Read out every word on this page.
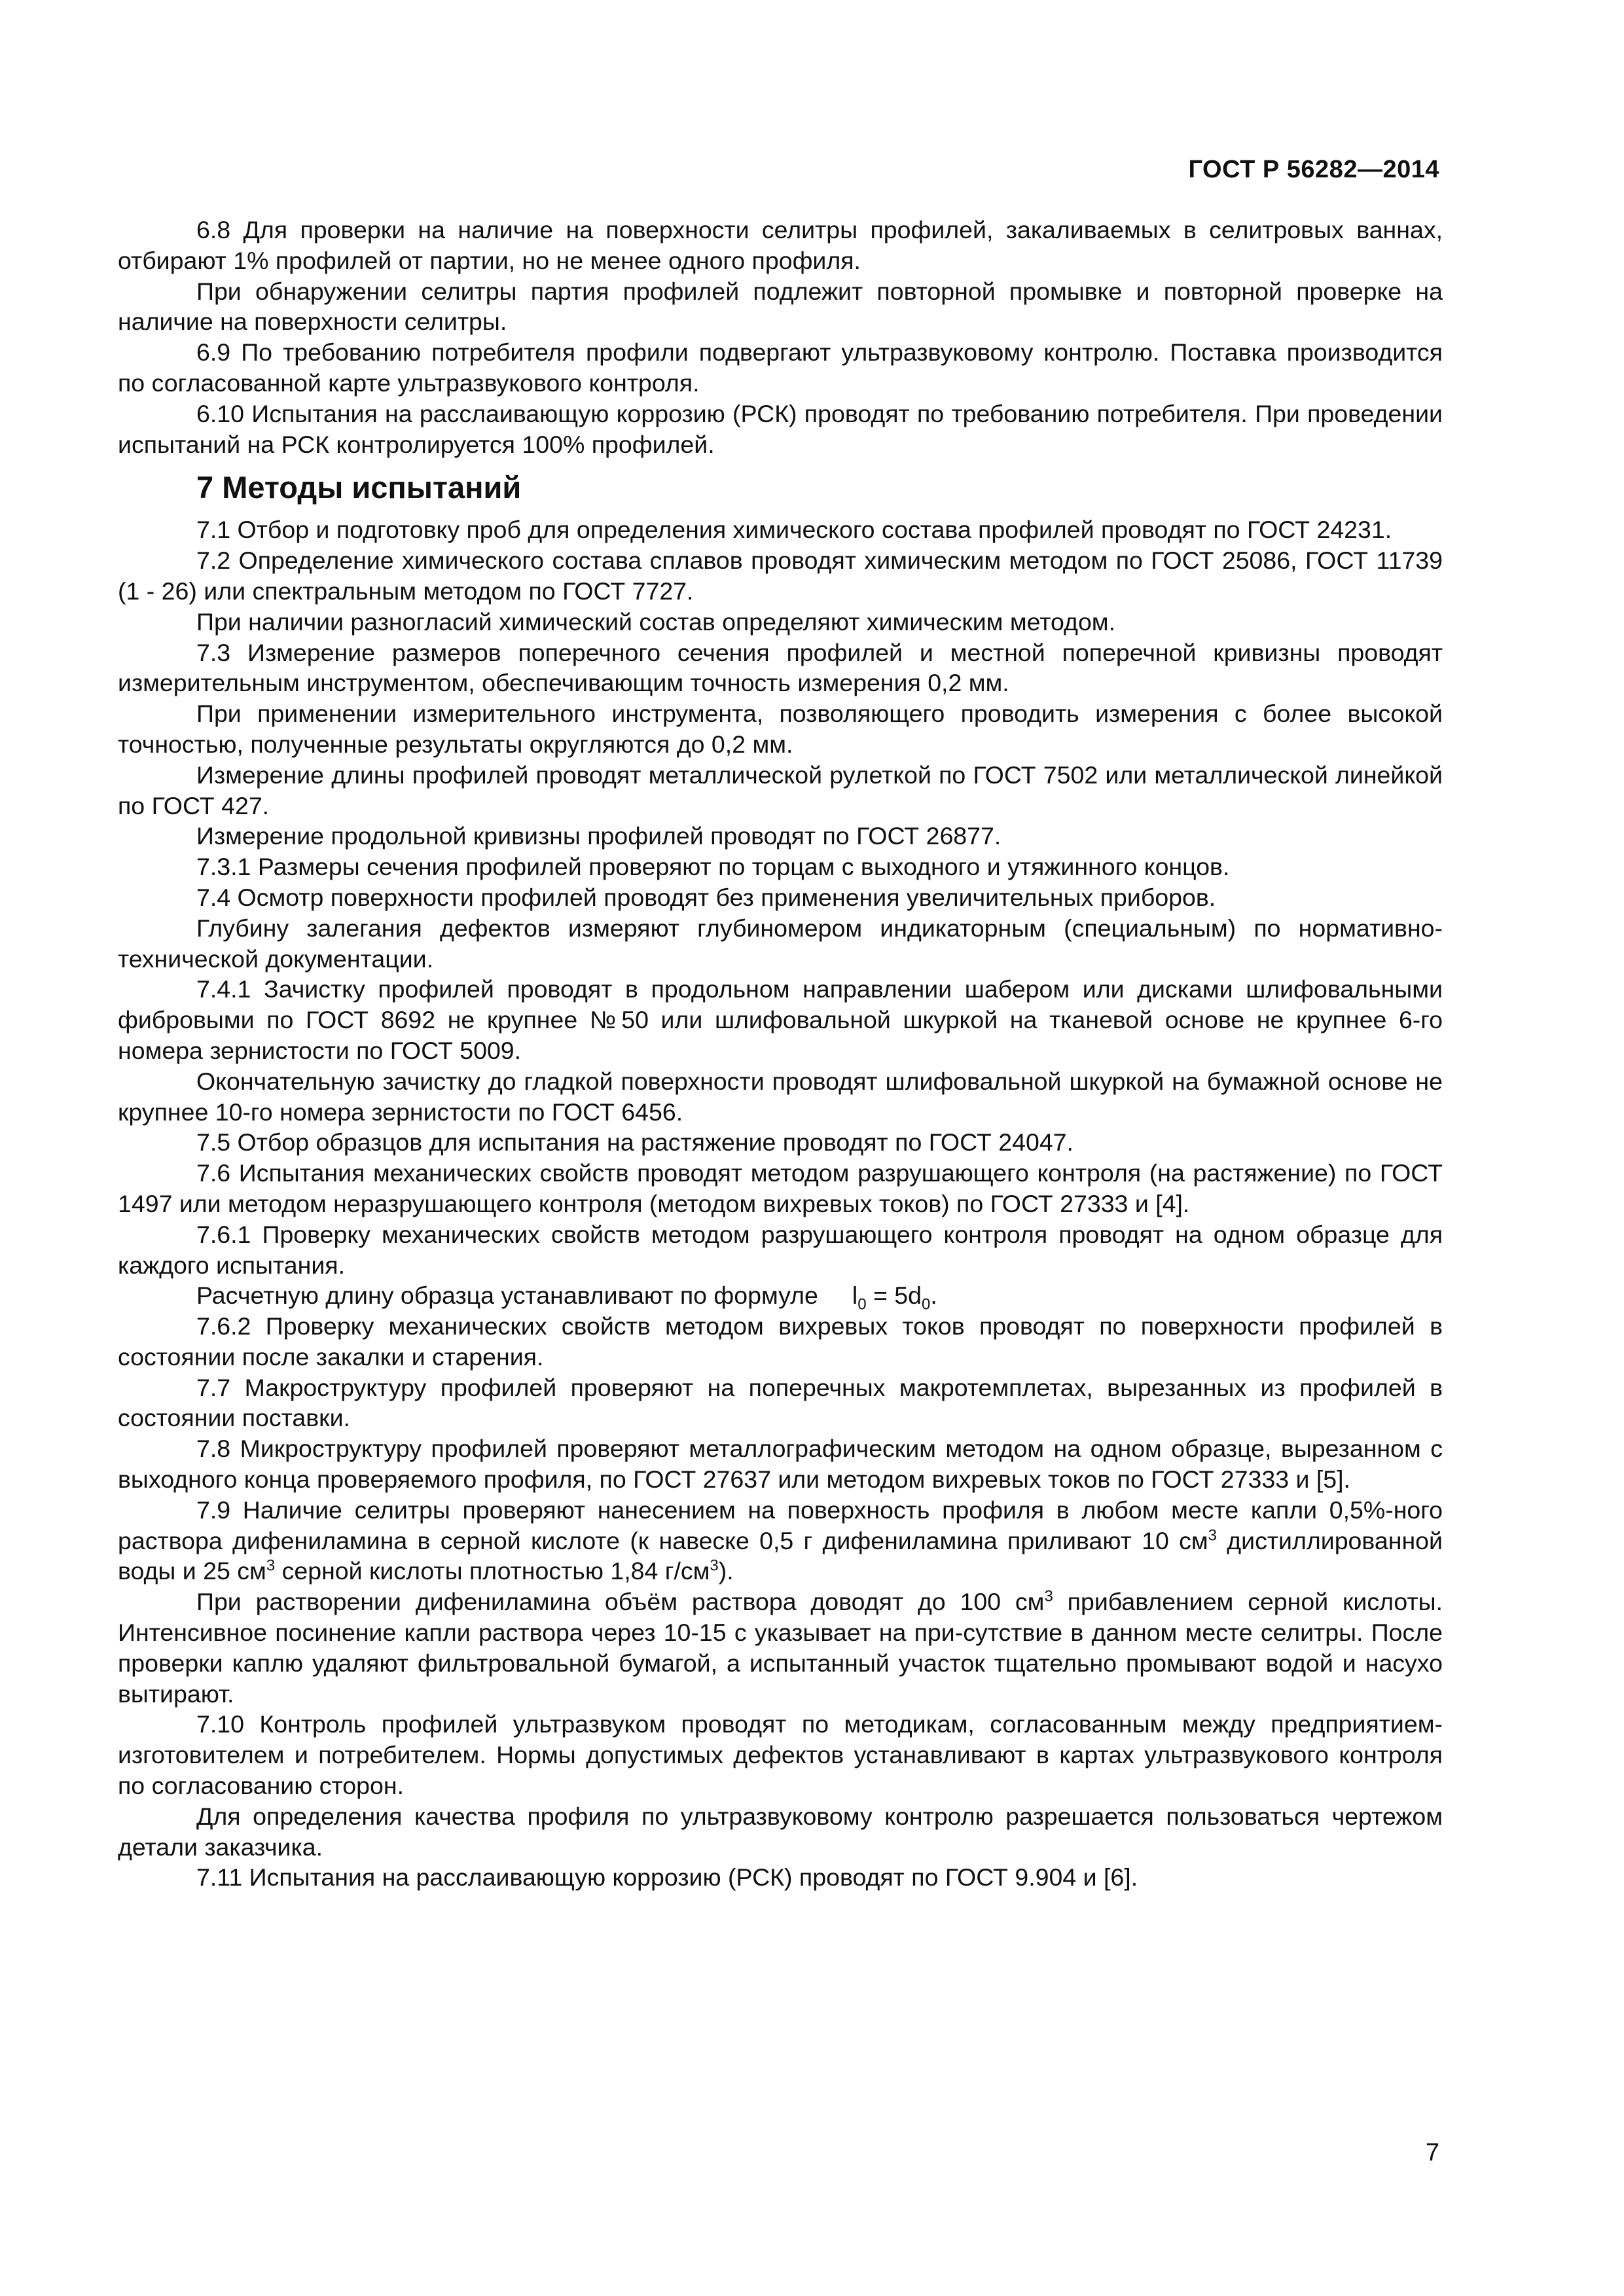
ГОСТ Р 56282—2014

6.8 Для проверки на наличие на поверхности селитры профилей, закаливаемых в селитровых ваннах, отбирают 1% профилей от партии, но не менее одного профиля.

При обнаружении селитры партия профилей подлежит повторной промывке и повторной проверке на наличие на поверхности селитры.

6.9 По требованию потребителя профили подвергают ультразвуковому контролю. Поставка производится по согласованной карте ультразвукового контроля.

6.10 Испытания на расслаивающую коррозию (РСК) проводят по требованию потребителя. При проведении испытаний на РСК контролируется 100% профилей.

7 Методы испытаний

7.1 Отбор и подготовку проб для определения химического состава профилей проводят по ГОСТ 24231.

7.2 Определение химического состава сплавов проводят химическим методом по ГОСТ 25086, ГОСТ 11739 (1 - 26) или спектральным методом по ГОСТ 7727.

При наличии разногласий химический состав определяют химическим методом.

7.3 Измерение размеров поперечного сечения профилей и местной поперечной кривизны проводят измерительным инструментом, обеспечивающим точность измерения 0,2 мм.

При применении измерительного инструмента, позволяющего проводить измерения с более высокой точностью, полученные результаты округляются до 0,2 мм.

Измерение длины профилей проводят металлической рулеткой по ГОСТ 7502 или металлической линейкой по ГОСТ 427.

Измерение продольной кривизны профилей проводят по ГОСТ 26877.

7.3.1 Размеры сечения профилей проверяют по торцам с выходного и утяжинного концов.

7.4 Осмотр поверхности профилей проводят без применения увеличительных приборов.

Глубину залегания дефектов измеряют глубиномером индикаторным (специальным) по нормативно-технической документации.

7.4.1 Зачистку профилей проводят в продольном направлении шабером или дисками шлифовальными фибровыми по ГОСТ 8692 не крупнее №50 или шлифовальной шкуркой на тканевой основе не крупнее 6-го номера зернистости по ГОСТ 5009.

Окончательную зачистку до гладкой поверхности проводят шлифовальной шкуркой на бумажной основе не крупнее 10-го номера зернистости по ГОСТ 6456.

7.5 Отбор образцов для испытания на растяжение проводят по ГОСТ 24047.

7.6 Испытания механических свойств проводят методом разрушающего контроля (на растяжение) по ГОСТ 1497 или методом неразрушающего контроля (методом вихревых токов) по ГОСТ 27333 и [4].

7.6.1 Проверку механических свойств методом разрушающего контроля проводят на одном образце для каждого испытания.

Расчетную длину образца устанавливают по формуле $l_0 = 5d_0$.

7.6.2 Проверку механических свойств методом вихревых токов проводят по поверхности профилей в состоянии после закалки и старения.

7.7 Макроструктуру профилей проверяют на поперечных макротемплетах, вырезанных из профилей в состоянии поставки.

7.8 Микроструктуру профилей проверяют металлографическим методом на одном образце, вырезанном с выходного конца проверяемого профиля, по ГОСТ 27637 или методом вихревых токов по ГОСТ 27333 и [5].

7.9 Наличие селитры проверяют нанесением на поверхность профиля в любом месте капли 0,5%-ного раствора дифениламина в серной кислоте (к навеске 0,5 г дифениламина приливают 10 $см^3$ дистиллированной воды и 25 $см^3$ серной кислоты плотностью 1,84 $г/см^3$).

При растворении дифениламина объём раствора доводят до 100 $см^3$ прибавлением серной кислоты. Интенсивное посинение капли раствора через 10-15 с указывает на при-сутствие в данном месте селитры. После проверки каплю удаляют фильтровальной бумагой, а испытанный участок тщательно промывают водой и насухо вытирают.

7.10 Контроль профилей ультразвуком проводят по методикам, согласованным между предприятием-изготовителем и потребителем. Нормы допустимых дефектов устанавливают в картах ультразвукового контроля по согласованию сторон.

Для определения качества профиля по ультразвуковому контролю разрешается пользоваться чертежом детали заказчика.

7.11 Испытания на расслаивающую коррозию (РСК) проводят по ГОСТ 9.904 и [6].

7
